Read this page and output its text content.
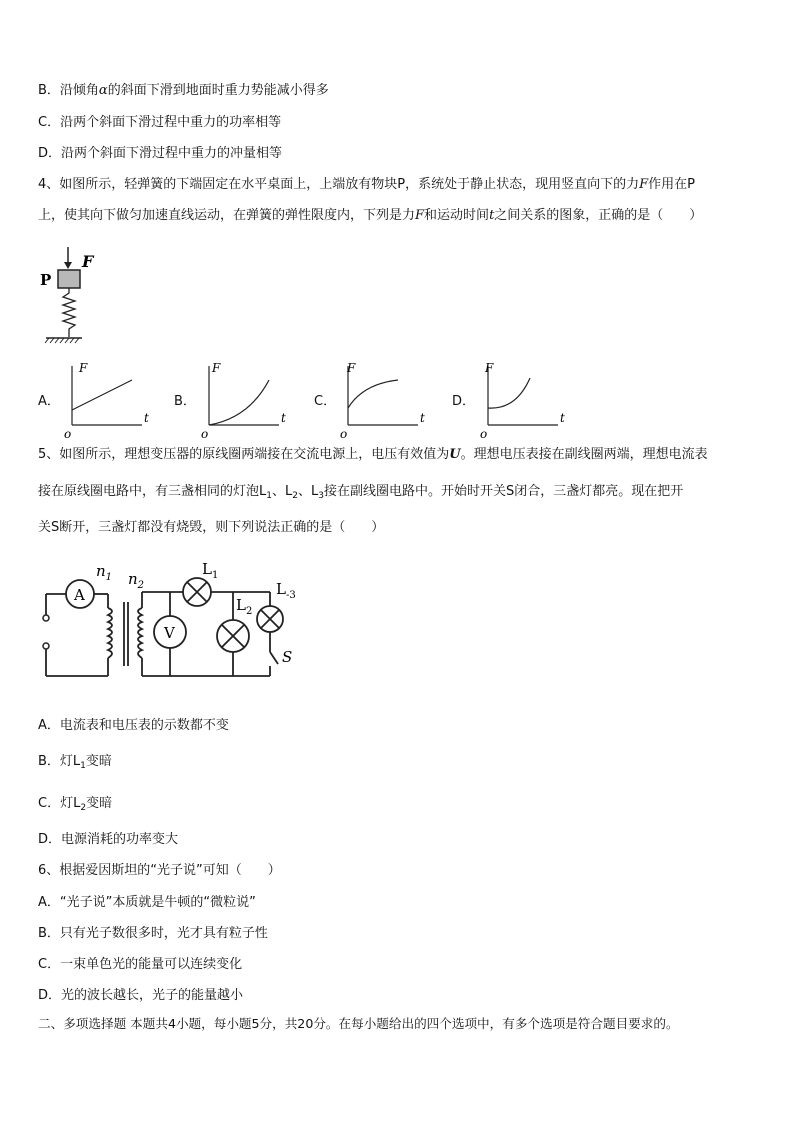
B．沿倾角α的斜面下滑到地面时重力势能减小得多
C．沿两个斜面下滑过程中重力的功率相等
D．沿两个斜面下滑过程中重力的冲量相等
4、如图所示，轻弹簧的下端固定在水平桌面上，上端放有物块P，系统处于静止状态，现用竖直向下的力F作用在P
上，使其向下做匀加速直线运动，在弹簧的弹性限度内，下列是力F和运动时间t之间关系的图象，正确的是（　　）
F
P
A．
F
t
o
B．
F
t
o
C．
F
t
o
D．
F
t
o
5、如图所示，理想变压器的原线圈两端接在交流电源上，电压有效值为U。理想电压表接在副线圈两端，理想电流表
接在原线圈电路中，有三盏相同的灯泡$L_1$、$L_2$、$L_3$接在副线圈电路中。开始时开关S闭合，三盏灯都亮。现在把开
关S断开，三盏灯都没有烧毁，则下列说法正确的是（　　）
A
V
$n_1$ $n_2$
$L_1$
$L_2$
$L_{-3}$
S
A．电流表和电压表的示数都不变
B．灯$L_1$变暗
C．灯$L_2$变暗
D．电源消耗的功率变大
6、根据爱因斯坦的“光子说”可知（　　）
A．“光子说”本质就是牛顿的“微粒说”
B．只有光子数很多时，光才具有粒子性
C．一束单色光的能量可以连续变化
D．光的波长越长，光子的能量越小
二、多项选择题 本题共4小题，每小题5分，共20分。在每小题给出的四个选项中，有多个选项是符合题目要求的。
